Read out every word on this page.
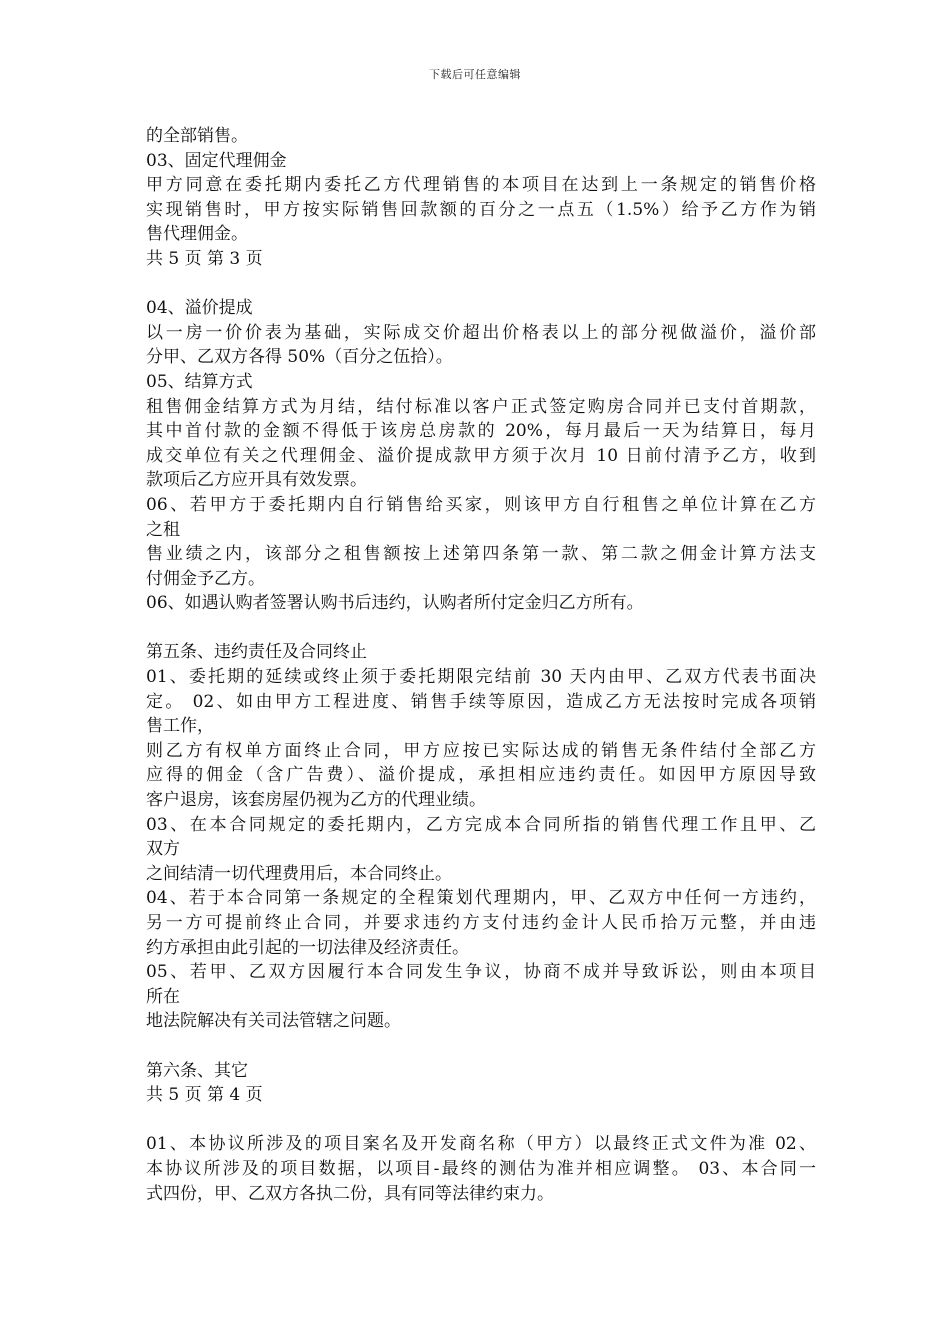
下载后可任意编辑
的全部销售。
03、固定代理佣金
甲方同意在委托期内委托乙方代理销售的本项目在达到上一条规定的销售价格
实现销售时，甲方按实际销售回款额的百分之一点五（1.5%）给予乙方作为销
售代理佣金。
共 5 页 第 3 页
04、溢价提成
以一房一价价表为基础，实际成交价超出价格表以上的部分视做溢价，溢价部
分甲、乙双方各得 50%（百分之伍拾）。
05、结算方式
租售佣金结算方式为月结，结付标准以客户正式签定购房合同并已支付首期款，
其中首付款的金额不得低于该房总房款的 20%，每月最后一天为结算日，每月
成交单位有关之代理佣金、溢价提成款甲方须于次月 10 日前付清予乙方，收到
款项后乙方应开具有效发票。
06、若甲方于委托期内自行销售给买家，则该甲方自行租售之单位计算在乙方
之租
售业绩之内，该部分之租售额按上述第四条第一款、第二款之佣金计算方法支
付佣金予乙方。
06、如遇认购者签署认购书后违约，认购者所付定金归乙方所有。
第五条、违约责任及合同终止
01、委托期的延续或终止须于委托期限完结前 30 天内由甲、乙双方代表书面决
定。 02、如由甲方工程进度、销售手续等原因，造成乙方无法按时完成各项销
售工作，
则乙方有权单方面终止合同，甲方应按已实际达成的销售无条件结付全部乙方
应得的佣金（含广告费）、溢价提成，承担相应违约责任。如因甲方原因导致
客户退房，该套房屋仍视为乙方的代理业绩。
03、在本合同规定的委托期内，乙方完成本合同所指的销售代理工作且甲、乙
双方
之间结清一切代理费用后，本合同终止。
04、若于本合同第一条规定的全程策划代理期内，甲、乙双方中任何一方违约，
另一方可提前终止合同，并要求违约方支付违约金计人民币拾万元整，并由违
约方承担由此引起的一切法律及经济责任。
05、若甲、乙双方因履行本合同发生争议，协商不成并导致诉讼，则由本项目
所在
地法院解决有关司法管辖之问题。
第六条、其它
共 5 页 第 4 页
01、本协议所涉及的项目案名及开发商名称（甲方）以最终正式文件为准 02、
本协议所涉及的项目数据，以项目-最终的测估为准并相应调整。 03、本合同一
式四份，甲、乙双方各执二份，具有同等法律约束力。
